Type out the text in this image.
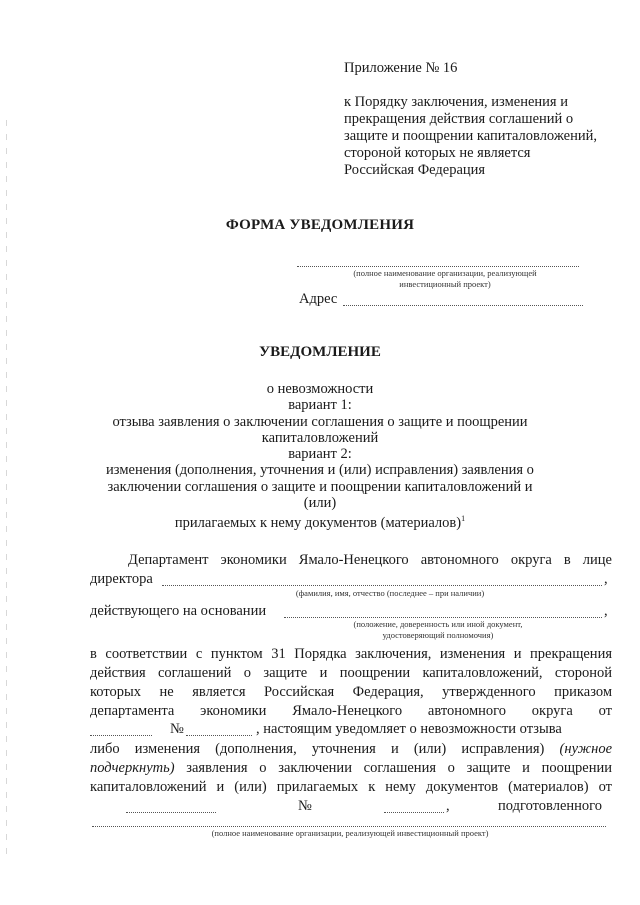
Приложение № 16
к Порядку заключения, изменения и
прекращения действия соглашений о
защите и поощрении капиталовложений,
стороной которых не является
Российская Федерация
ФОРМА УВЕДОМЛЕНИЯ
(полное наименование организации, реализующей
инвестиционный проект)
Адрес
УВЕДОМЛЕНИЕ
о невозможности
вариант 1:
отзыва заявления о заключении соглашения о защите и поощрении
капиталовложений
вариант 2:
изменения (дополнения, уточнения и (или) исправления) заявления о
заключении соглашения о защите и поощрении капиталовложений и (или)
прилагаемых к нему документов (материалов)$^1$
Департамент экономики Ямало-Ненецкого автономного округа в лице
директора	,
(фамилия, имя, отчество (последнее – при наличии)
действующего на основании	,
(положение, доверенность или иной документ,
удостоверяющий полномочия)
в соответствии с пунктом 31 Порядка заключения, изменения и прекращения
действия соглашений о защите и поощрении капиталовложений, стороной
которых не является Российская Федерация, утвержденного приказом
департамента экономики Ямало-Ненецкого автономного округа от
№	, настоящим уведомляет о невозможности отзыва
либо изменения (дополнения, уточнения и (или) исправления) (нужное
подчеркнуть) заявления о заключении соглашения о защите и поощрении
капиталовложений и (или) прилагаемых к нему документов (материалов) от
№	,	подготовленного
(полное наименование организации, реализующей инвестиционный проект)
